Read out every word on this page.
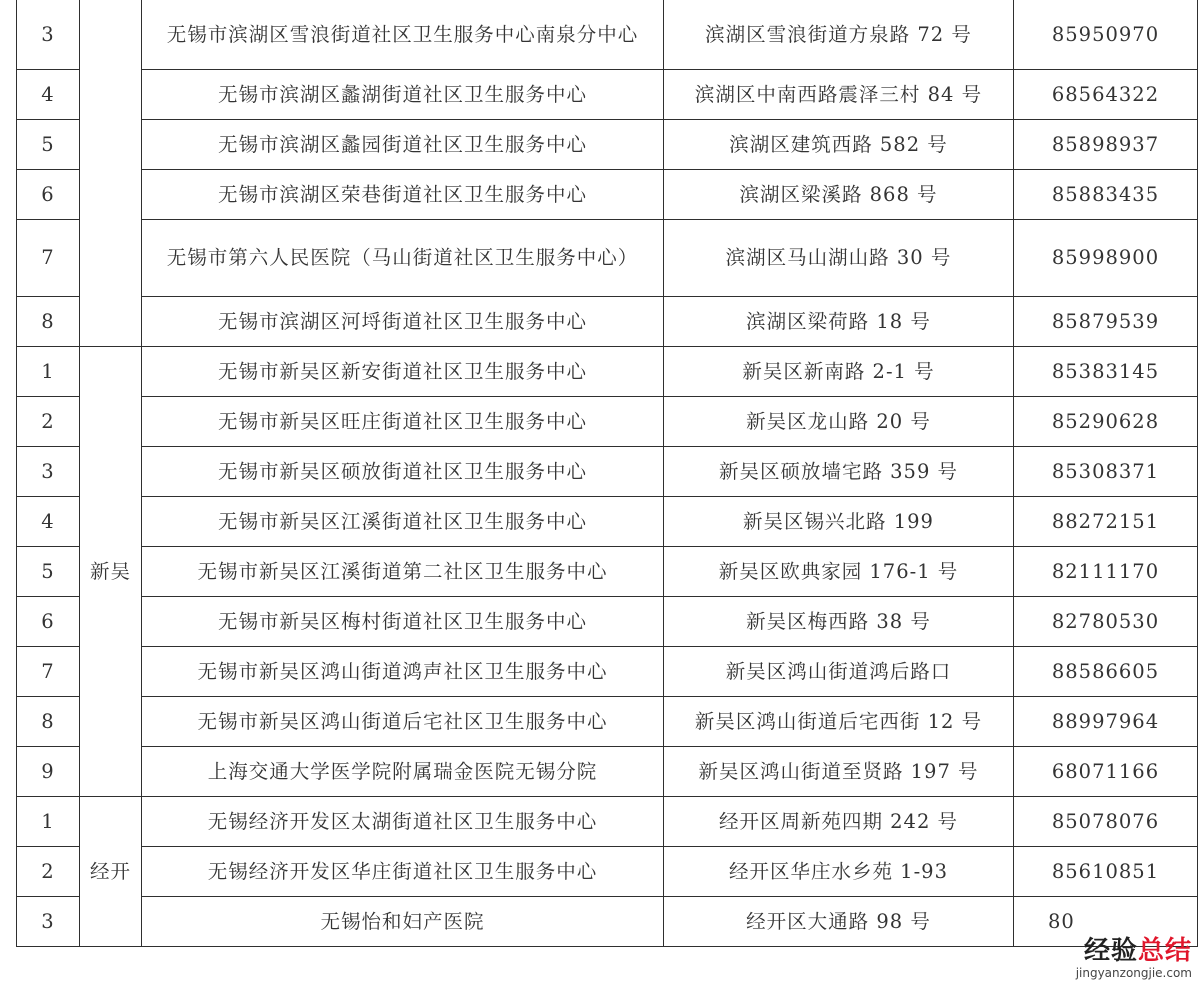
3		无锡市滨湖区雪浪街道社区卫生服务中心南泉分中心	滨湖区雪浪街道方泉路 72 号	85950970
4		无锡市滨湖区蠡湖街道社区卫生服务中心	滨湖区中南西路震泽三村 84 号	68564322
5		无锡市滨湖区蠡园街道社区卫生服务中心	滨湖区建筑西路 582 号	85898937
6		无锡市滨湖区荣巷街道社区卫生服务中心	滨湖区梁溪路 868 号	85883435
7		无锡市第六人民医院（马山街道社区卫生服务中心）	滨湖区马山湖山路 30 号	85998900
8		无锡市滨湖区河埒街道社区卫生服务中心	滨湖区梁荷路 18 号	85879539
1	新吴	无锡市新吴区新安街道社区卫生服务中心	新吴区新南路 2-1 号	85383145
2		无锡市新吴区旺庄街道社区卫生服务中心	新吴区龙山路 20 号	85290628
3		无锡市新吴区硕放街道社区卫生服务中心	新吴区硕放墙宅路 359 号	85308371
4		无锡市新吴区江溪街道社区卫生服务中心	新吴区锡兴北路 199	88272151
5		无锡市新吴区江溪街道第二社区卫生服务中心	新吴区欧典家园 176-1 号	82111170
6		无锡市新吴区梅村街道社区卫生服务中心	新吴区梅西路 38 号	82780530
7		无锡市新吴区鸿山街道鸿声社区卫生服务中心	新吴区鸿山街道鸿后路口	88586605
8		无锡市新吴区鸿山街道后宅社区卫生服务中心	新吴区鸿山街道后宅西街 12 号	88997964
9		上海交通大学医学院附属瑞金医院无锡分院	新吴区鸿山街道至贤路 197 号	68071166
1	经开	无锡经济开发区太湖街道社区卫生服务中心	经开区周新苑四期 242 号	85078076
2		无锡经济开发区华庄街道社区卫生服务中心	经开区华庄水乡苑 1-93	85610851
3		无锡怡和妇产医院	经开区大通路 98 号	80
经验总结
jingyanzongjie.com
